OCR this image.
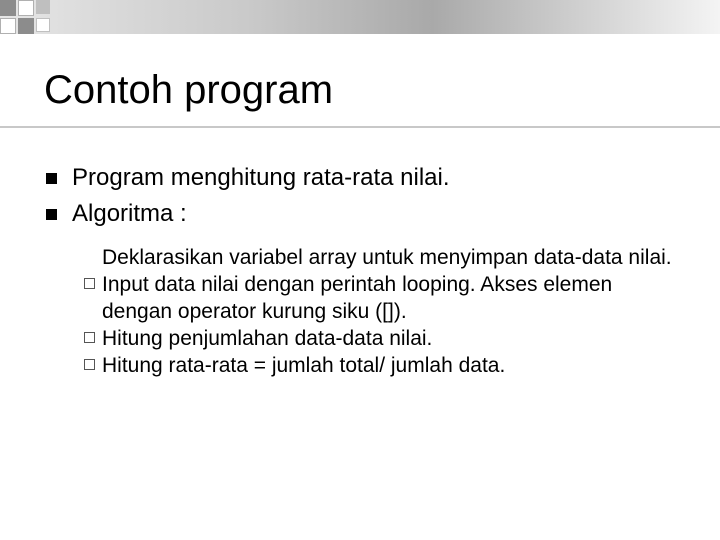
Contoh program
Program menghitung rata-rata nilai.
Algoritma :
Deklarasikan variabel array untuk menyimpan data-data nilai.
Input data nilai dengan perintah looping. Akses elemen dengan operator kurung siku ([]).
Hitung penjumlahan data-data nilai.
Hitung rata-rata = jumlah total/ jumlah data.
